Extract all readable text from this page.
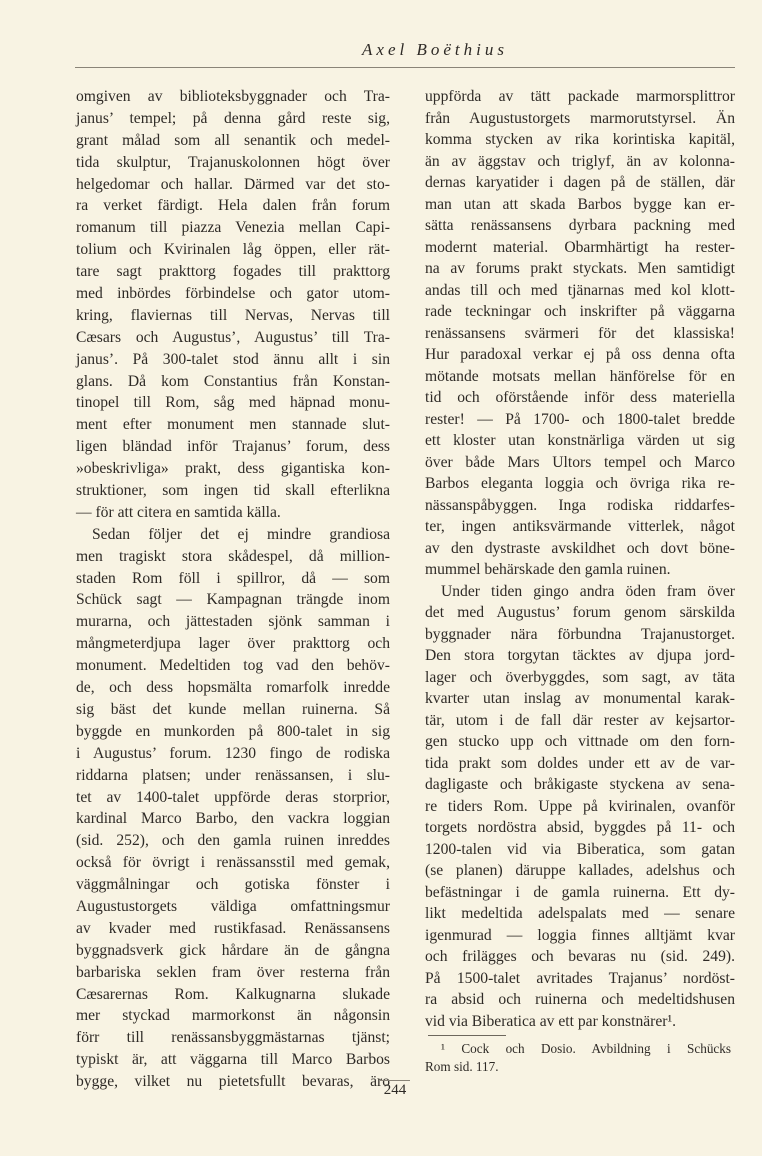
Axel Boëthius
omgiven av biblioteksbyggnader och Tra-
janus’ tempel; på denna gård reste sig,
grant målad som all senantik och medel-
tida skulptur, Trajanuskolonnen högt över
helgedomar och hallar. Därmed var det sto-
ra verket färdigt. Hela dalen från forum
romanum till piazza Venezia mellan Capi-
tolium och Kvirinalen låg öppen, eller rät-
tare sagt prakttorg fogades till prakttorg
med inbördes förbindelse och gator utom-
kring, flaviernas till Nervas, Nervas till
Cæsars och Augustus’, Augustus’ till Tra-
janus’. På 300-talet stod ännu allt i sin
glans. Då kom Constantius från Konstan-
tinopel till Rom, såg med häpnad monu-
ment efter monument men stannade slut-
ligen bländad inför Trajanus’ forum, dess
»obeskrivliga» prakt, dess gigantiska kon-
struktioner, som ingen tid skall efterlikna
— för att citera en samtida källa.
Sedan följer det ej mindre grandiosa
men tragiskt stora skådespel, då million-
staden Rom föll i spillror, då — som
Schück sagt — Kampagnan trängde inom
murarna, och jättestaden sjönk samman i
mångmeterdjupa lager över prakttorg och
monument. Medeltiden tog vad den behöv-
de, och dess hopsmälta romarfolk inredde
sig bäst det kunde mellan ruinerna. Så
byggde en munkorden på 800-talet in sig
i Augustus’ forum. 1230 fingo de rodiska
riddarna platsen; under renässansen, i slu-
tet av 1400-talet uppförde deras storprior,
kardinal Marco Barbo, den vackra loggian
(sid. 252), och den gamla ruinen inreddes
också för övrigt i renässansstil med gemak,
väggmålningar och gotiska fönster i
Augustustorgets väldiga omfattningsmur
av kvader med rustikfasad. Renässansens
byggnadsverk gick hårdare än de gångna
barbariska seklen fram över resterna från
Cæsarernas Rom. Kalkugnarna slukade
mer styckad marmorkonst än någonsin
förr till renässansbyggmästarnas tjänst;
typiskt är, att väggarna till Marco Barbos
bygge, vilket nu pietetsfullt bevaras, äro
uppförda av tätt packade marmorsplittror
från Augustustorgets marmorutstyrsel. Än
komma stycken av rika korintiska kapitäl,
än av äggstav och triglyf, än av kolonna-
dernas karyatider i dagen på de ställen, där
man utan att skada Barbos bygge kan er-
sätta renässansens dyrbara packning med
modernt material. Obarmhärtigt ha rester-
na av forums prakt styckats. Men samtidigt
andas till och med tjänarnas med kol klott-
rade teckningar och inskrifter på väggarna
renässansens svärmeri för det klassiska!
Hur paradoxal verkar ej på oss denna ofta
mötande motsats mellan hänförelse för en
tid och oförstående inför dess materiella
rester! — På 1700- och 1800-talet bredde
ett kloster utan konstnärliga värden ut sig
över både Mars Ultors tempel och Marco
Barbos eleganta loggia och övriga rika re-
nässanspåbyggen. Inga rodiska riddarfes-
ter, ingen antiksvärmande vitterlek, något
av den dystraste avskildhet och dovt böne-
mummel behärskade den gamla ruinen.
Under tiden gingo andra öden fram över
det med Augustus’ forum genom särskilda
byggnader nära förbundna Trajanustorget.
Den stora torgytan täcktes av djupa jord-
lager och överbyggdes, som sagt, av täta
kvarter utan inslag av monumental karak-
tär, utom i de fall där rester av kejsartor-
gen stucko upp och vittnade om den forn-
tida prakt som doldes under ett av de var-
dagligaste och bråkigaste styckena av sena-
re tiders Rom. Uppe på kvirinalen, ovanför
torgets nordöstra absid, byggdes på 11- och
1200-talen vid via Biberatica, som gatan
(se planen) däruppe kallades, adelshus och
befästningar i de gamla ruinerna. Ett dy-
likt medeltida adelspalats med — senare
igenmurad — loggia finnes alltjämt kvar
och frilägges och bevaras nu (sid. 249).
På 1500-talet avritades Trajanus’ nordöst-
ra absid och ruinerna och medeltidshusen
vid via Biberatica av ett par konstnärer¹.
¹ Cock och Dosio. Avbildning i Schücks
Rom sid. 117.
244
